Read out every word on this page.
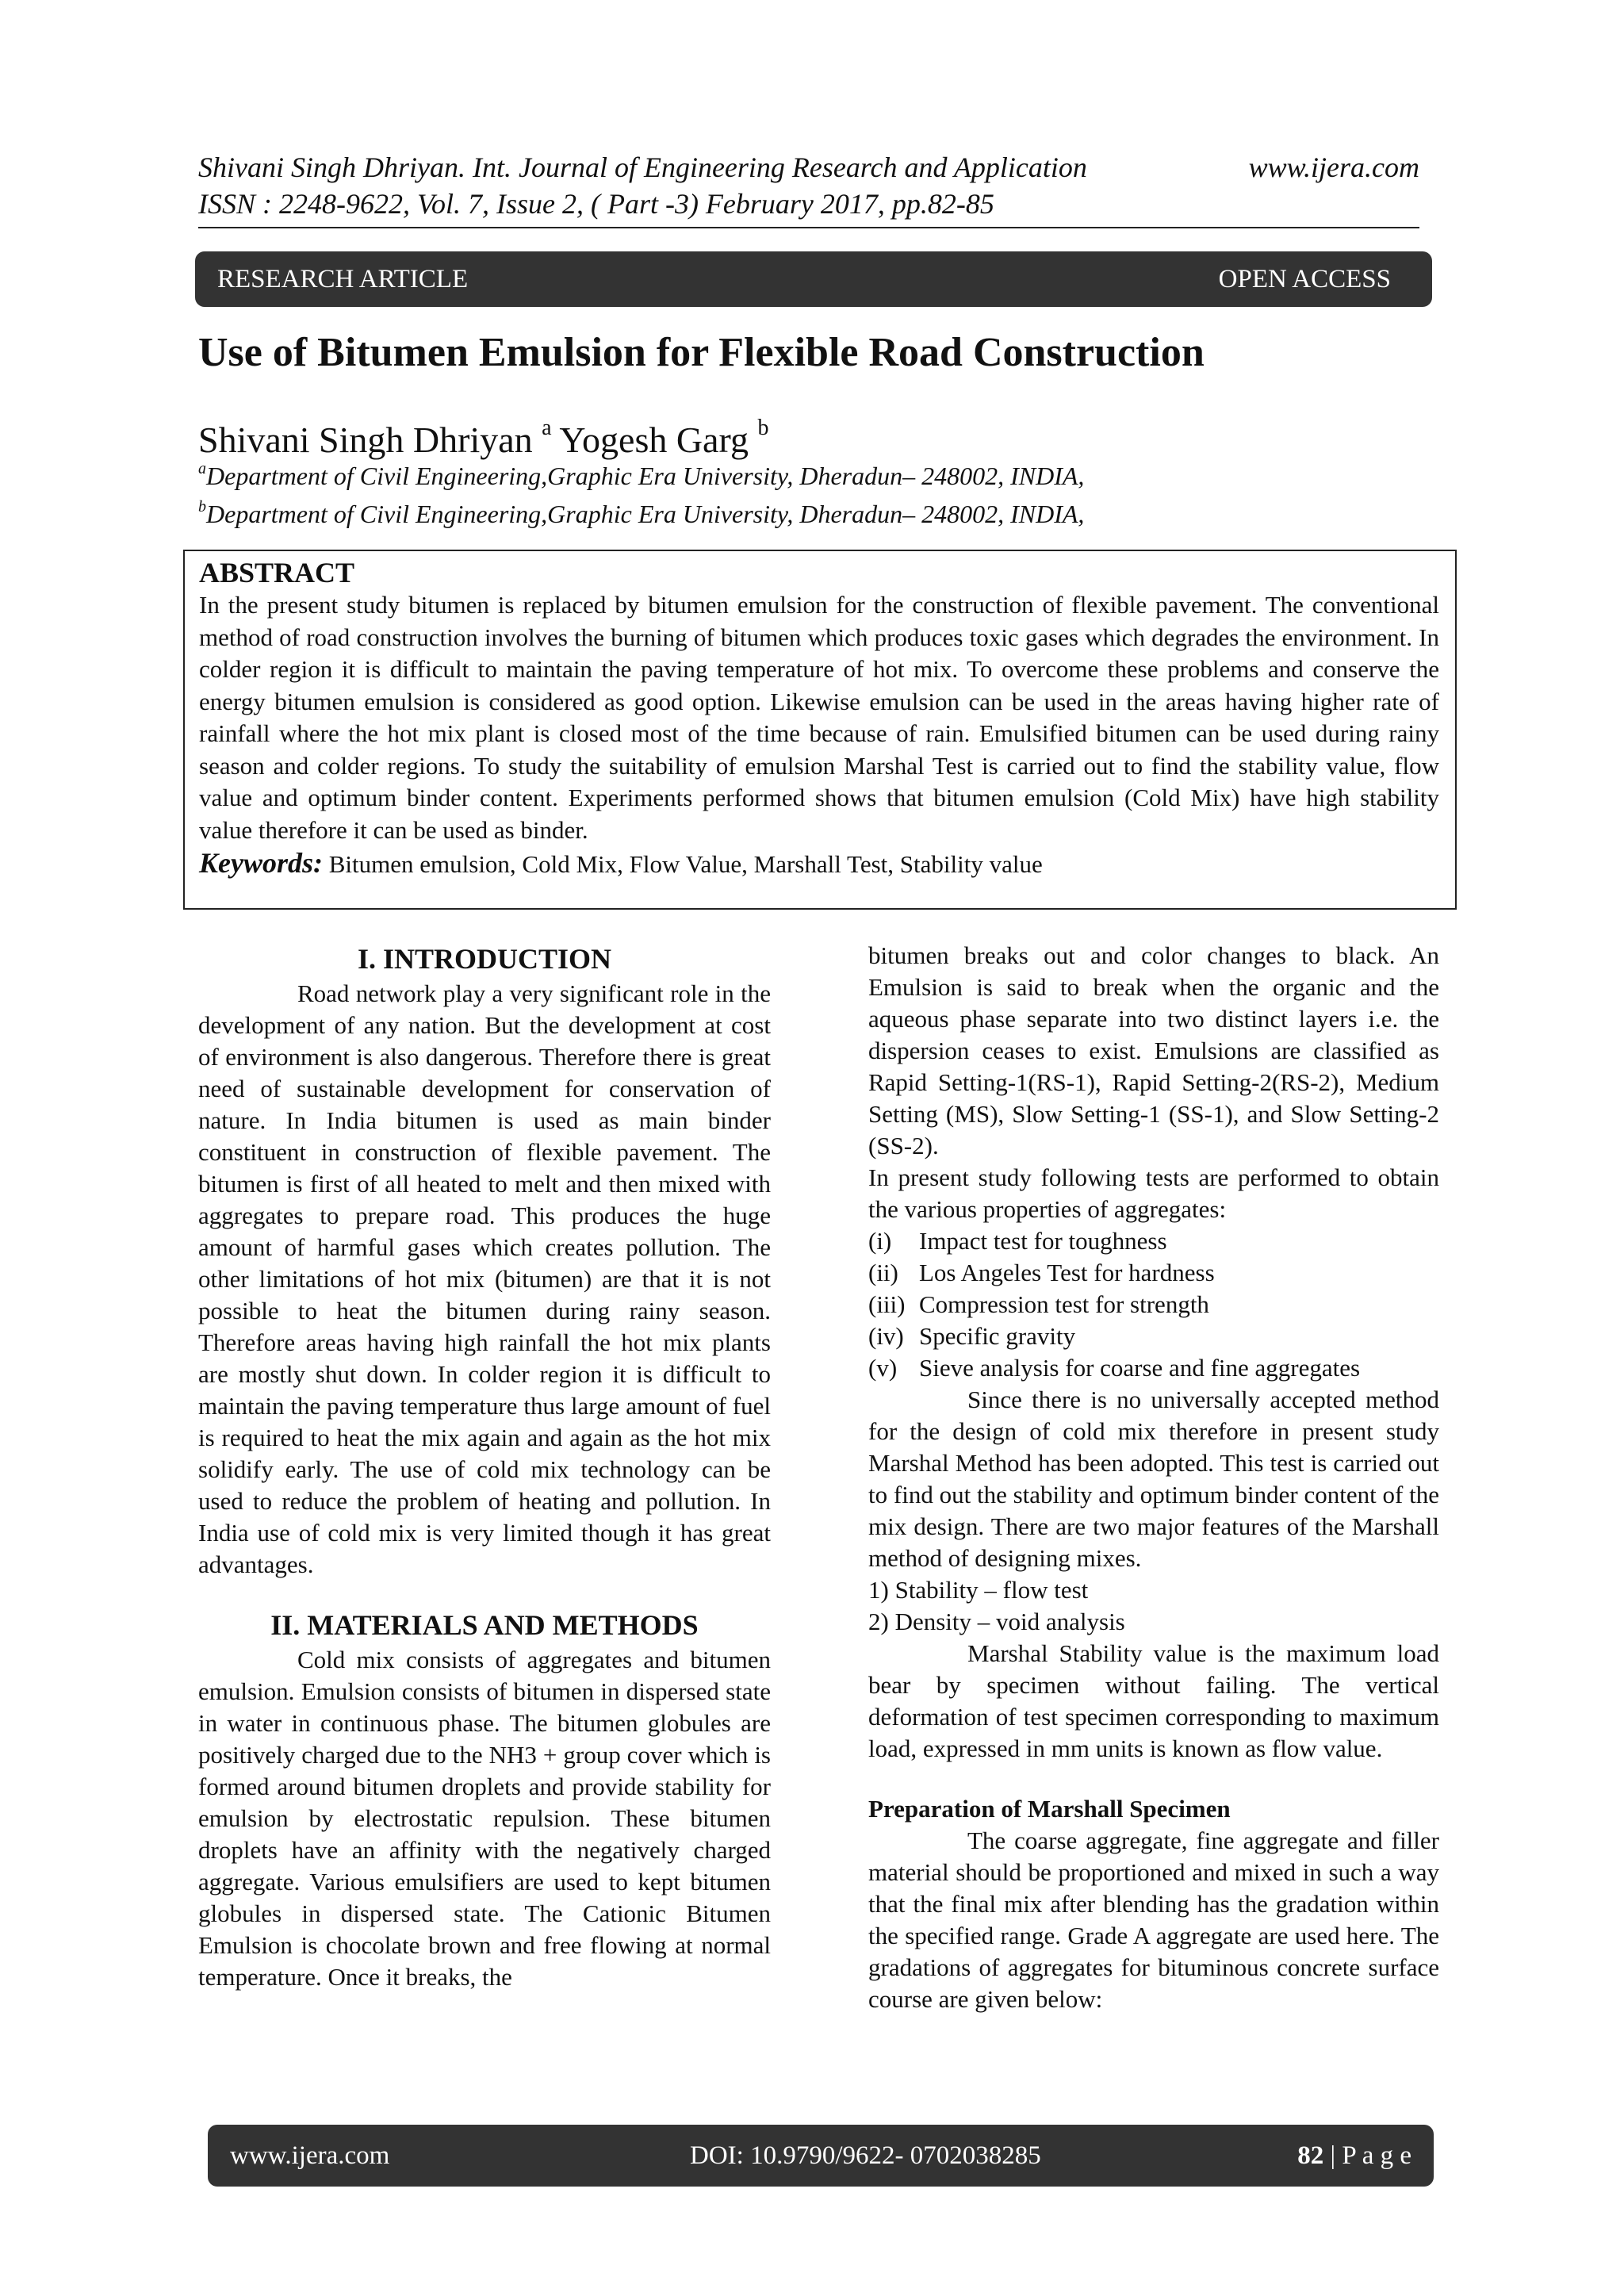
Shivani Singh Dhriyan. Int. Journal of Engineering Research and Application	www.ijera.com
ISSN : 2248-9622, Vol. 7, Issue 2, ( Part -3) February 2017, pp.82-85
RESEARCH ARTICLE	OPEN ACCESS
Use of Bitumen Emulsion for Flexible Road Construction
Shivani Singh Dhriyan $^a$ Yogesh Garg $^b$
$^a$Department of Civil Engineering,Graphic Era University, Dheradun– 248002, INDIA,
$^b$Department of Civil Engineering,Graphic Era University, Dheradun– 248002, INDIA,
ABSTRACT

In the present study bitumen is replaced by bitumen emulsion for the construction of flexible pavement. The conventional method of road construction involves the burning of bitumen which produces toxic gases which degrades the environment. In colder region it is difficult to maintain the paving temperature of hot mix. To overcome these problems and conserve the energy bitumen emulsion is considered as good option. Likewise emulsion can be used in the areas having higher rate of rainfall where the hot mix plant is closed most of the time because of rain. Emulsified bitumen can be used during rainy season and colder regions. To study the suitability of emulsion Marshal Test is carried out to find the stability value, flow value and optimum binder content. Experiments performed shows that bitumen emulsion (Cold Mix) have high stability value therefore it can be used as binder.

Keywords: Bitumen emulsion, Cold Mix, Flow Value, Marshall Test, Stability value

I. INTRODUCTION

Road network play a very significant role in the development of any nation. But the development at cost of environment is also dangerous. Therefore there is great need of sustainable development for conservation of nature. In India bitumen is used as main binder constituent in construction of flexible pavement. The bitumen is first of all heated to melt and then mixed with aggregates to prepare road. This produces the huge amount of harmful gases which creates pollution. The other limitations of hot mix (bitumen) are that it is not possible to heat the bitumen during rainy season. Therefore areas having high rainfall the hot mix plants are mostly shut down. In colder region it is difficult to maintain the paving temperature thus large amount of fuel is required to heat the mix again and again as the hot mix solidify early. The use of cold mix technology can be used to reduce the problem of heating and pollution. In India use of cold mix is very limited though it has great advantages.

II. MATERIALS AND METHODS

Cold mix consists of aggregates and bitumen emulsion. Emulsion consists of bitumen in dispersed state in water in continuous phase. The bitumen globules are positively charged due to the NH3 + group cover which is formed around bitumen droplets and provide stability for emulsion by electrostatic repulsion. These bitumen droplets have an affinity with the negatively charged aggregate. Various emulsifiers are used to kept bitumen globules in dispersed state. The Cationic Bitumen Emulsion is chocolate brown and free flowing at normal temperature. Once it breaks, the

bitumen breaks out and color changes to black. An Emulsion is said to break when the organic and the aqueous phase separate into two distinct layers i.e. the dispersion ceases to exist. Emulsions are classified as Rapid Setting-1(RS-1), Rapid Setting-2(RS-2), Medium Setting (MS), Slow Setting-1 (SS-1), and Slow Setting-2 (SS-2).

In present study following tests are performed to obtain the various properties of aggregates:

(i)	Impact test for toughness
(ii) Los Angeles Test for hardness
(iii) Compression test for strength
(iv) Specific gravity
(v) Sieve analysis for coarse and fine aggregates

Since there is no universally accepted method for the design of cold mix therefore in present study Marshal Method has been adopted. This test is carried out to find out the stability and optimum binder content of the mix design. There are two major features of the Marshall method of designing mixes.

1) Stability – flow test
2) Density – void analysis

Marshal Stability value is the maximum load bear by specimen without failing. The vertical deformation of test specimen corresponding to maximum load, expressed in mm units is known as flow value.

Preparation of Marshall Specimen

The coarse aggregate, fine aggregate and filler material should be proportioned and mixed in such a way that the final mix after blending has the gradation within the specified range. Grade A aggregate are used here. The gradations of aggregates for bituminous concrete surface course are given below:

www.ijera.com	DOI: 10.9790/9622- 0702038285	82 | P a g e
